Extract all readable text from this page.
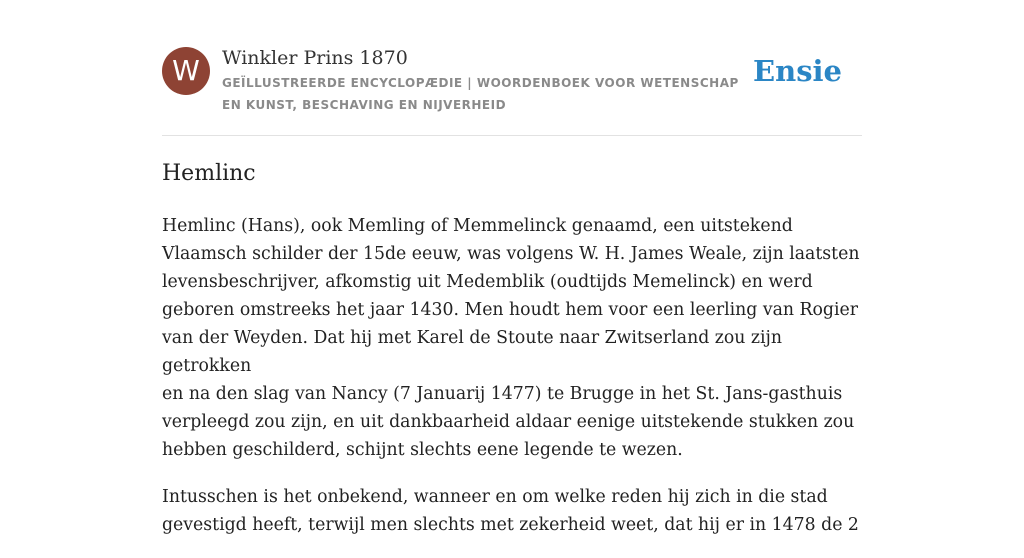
W	Winkler Prins 1870
GEÏLLUSTREERDE ENCYCLOPÆDIE | WOORDENBOEK VOOR WETENSCHAP EN KUNST, BESCHAVING EN NIJVERHEID
Ensie
Hemlinc

Hemlinc (Hans), ook Memling of Memmelinck genaamd, een uitstekend
Vlaamsch schilder der 15de eeuw, was volgens W. H. James Weale, zijn laatsten
levensbeschrijver, afkomstig uit Medemblik (oudtijds Memelinck) en werd
geboren omstreeks het jaar 1430. Men houdt hem voor een leerling van Rogier
van der Weyden. Dat hij met Karel de Stoute naar Zwitserland zou zijn getrokken
en na den slag van Nancy (7 Januarij 1477) te Brugge in het St. Jans-gasthuis
verpleegd zou zijn, en uit dankbaarheid aldaar eenige uitstekende stukken zou
hebben geschilderd, schijnt slechts eene legende te wezen.

Intusschen is het onbekend, wanneer en om welke reden hij zich in die stad
gevestigd heeft, terwijl men slechts met zekerheid weet, dat hij er in 1478 de 2
